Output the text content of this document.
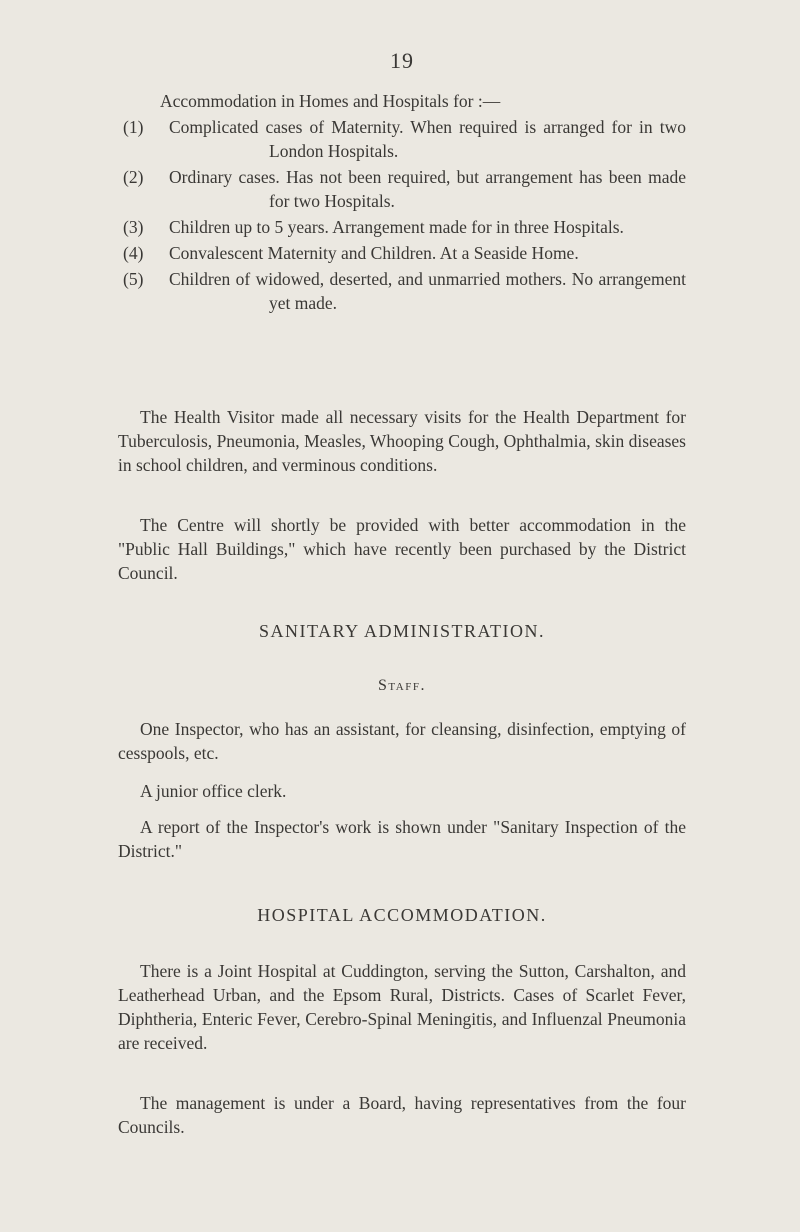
19

Accommodation in Homes and Hospitals for :—

(1)	Complicated cases of Maternity. When required is arranged for in two London Hospitals.
(2)	Ordinary cases. Has not been required, but arrangement has been made for two Hospitals.
(3)	Children up to 5 years. Arrangement made for in three Hospitals.
(4)	Convalescent Maternity and Children. At a Seaside Home.
(5)	Children of widowed, deserted, and unmarried mothers. No arrangement yet made.

The Health Visitor made all necessary visits for the Health Department for Tuberculosis, Pneumonia, Measles, Whooping Cough, Ophthalmia, skin diseases in school children, and verminous conditions.

The Centre will shortly be provided with better accommodation in the "Public Hall Buildings," which have recently been purchased by the District Council.

SANITARY ADMINISTRATION.
Staff.

One Inspector, who has an assistant, for cleansing, disinfection, emptying of cesspools, etc.

A junior office clerk.

A report of the Inspector's work is shown under "Sanitary Inspection of the District."

HOSPITAL ACCOMMODATION.

There is a Joint Hospital at Cuddington, serving the Sutton, Carshalton, and Leatherhead Urban, and the Epsom Rural, Districts. Cases of Scarlet Fever, Diphtheria, Enteric Fever, Cerebro-Spinal Meningitis, and Influenzal Pneumonia are received.

The management is under a Board, having representatives from the four Councils.
